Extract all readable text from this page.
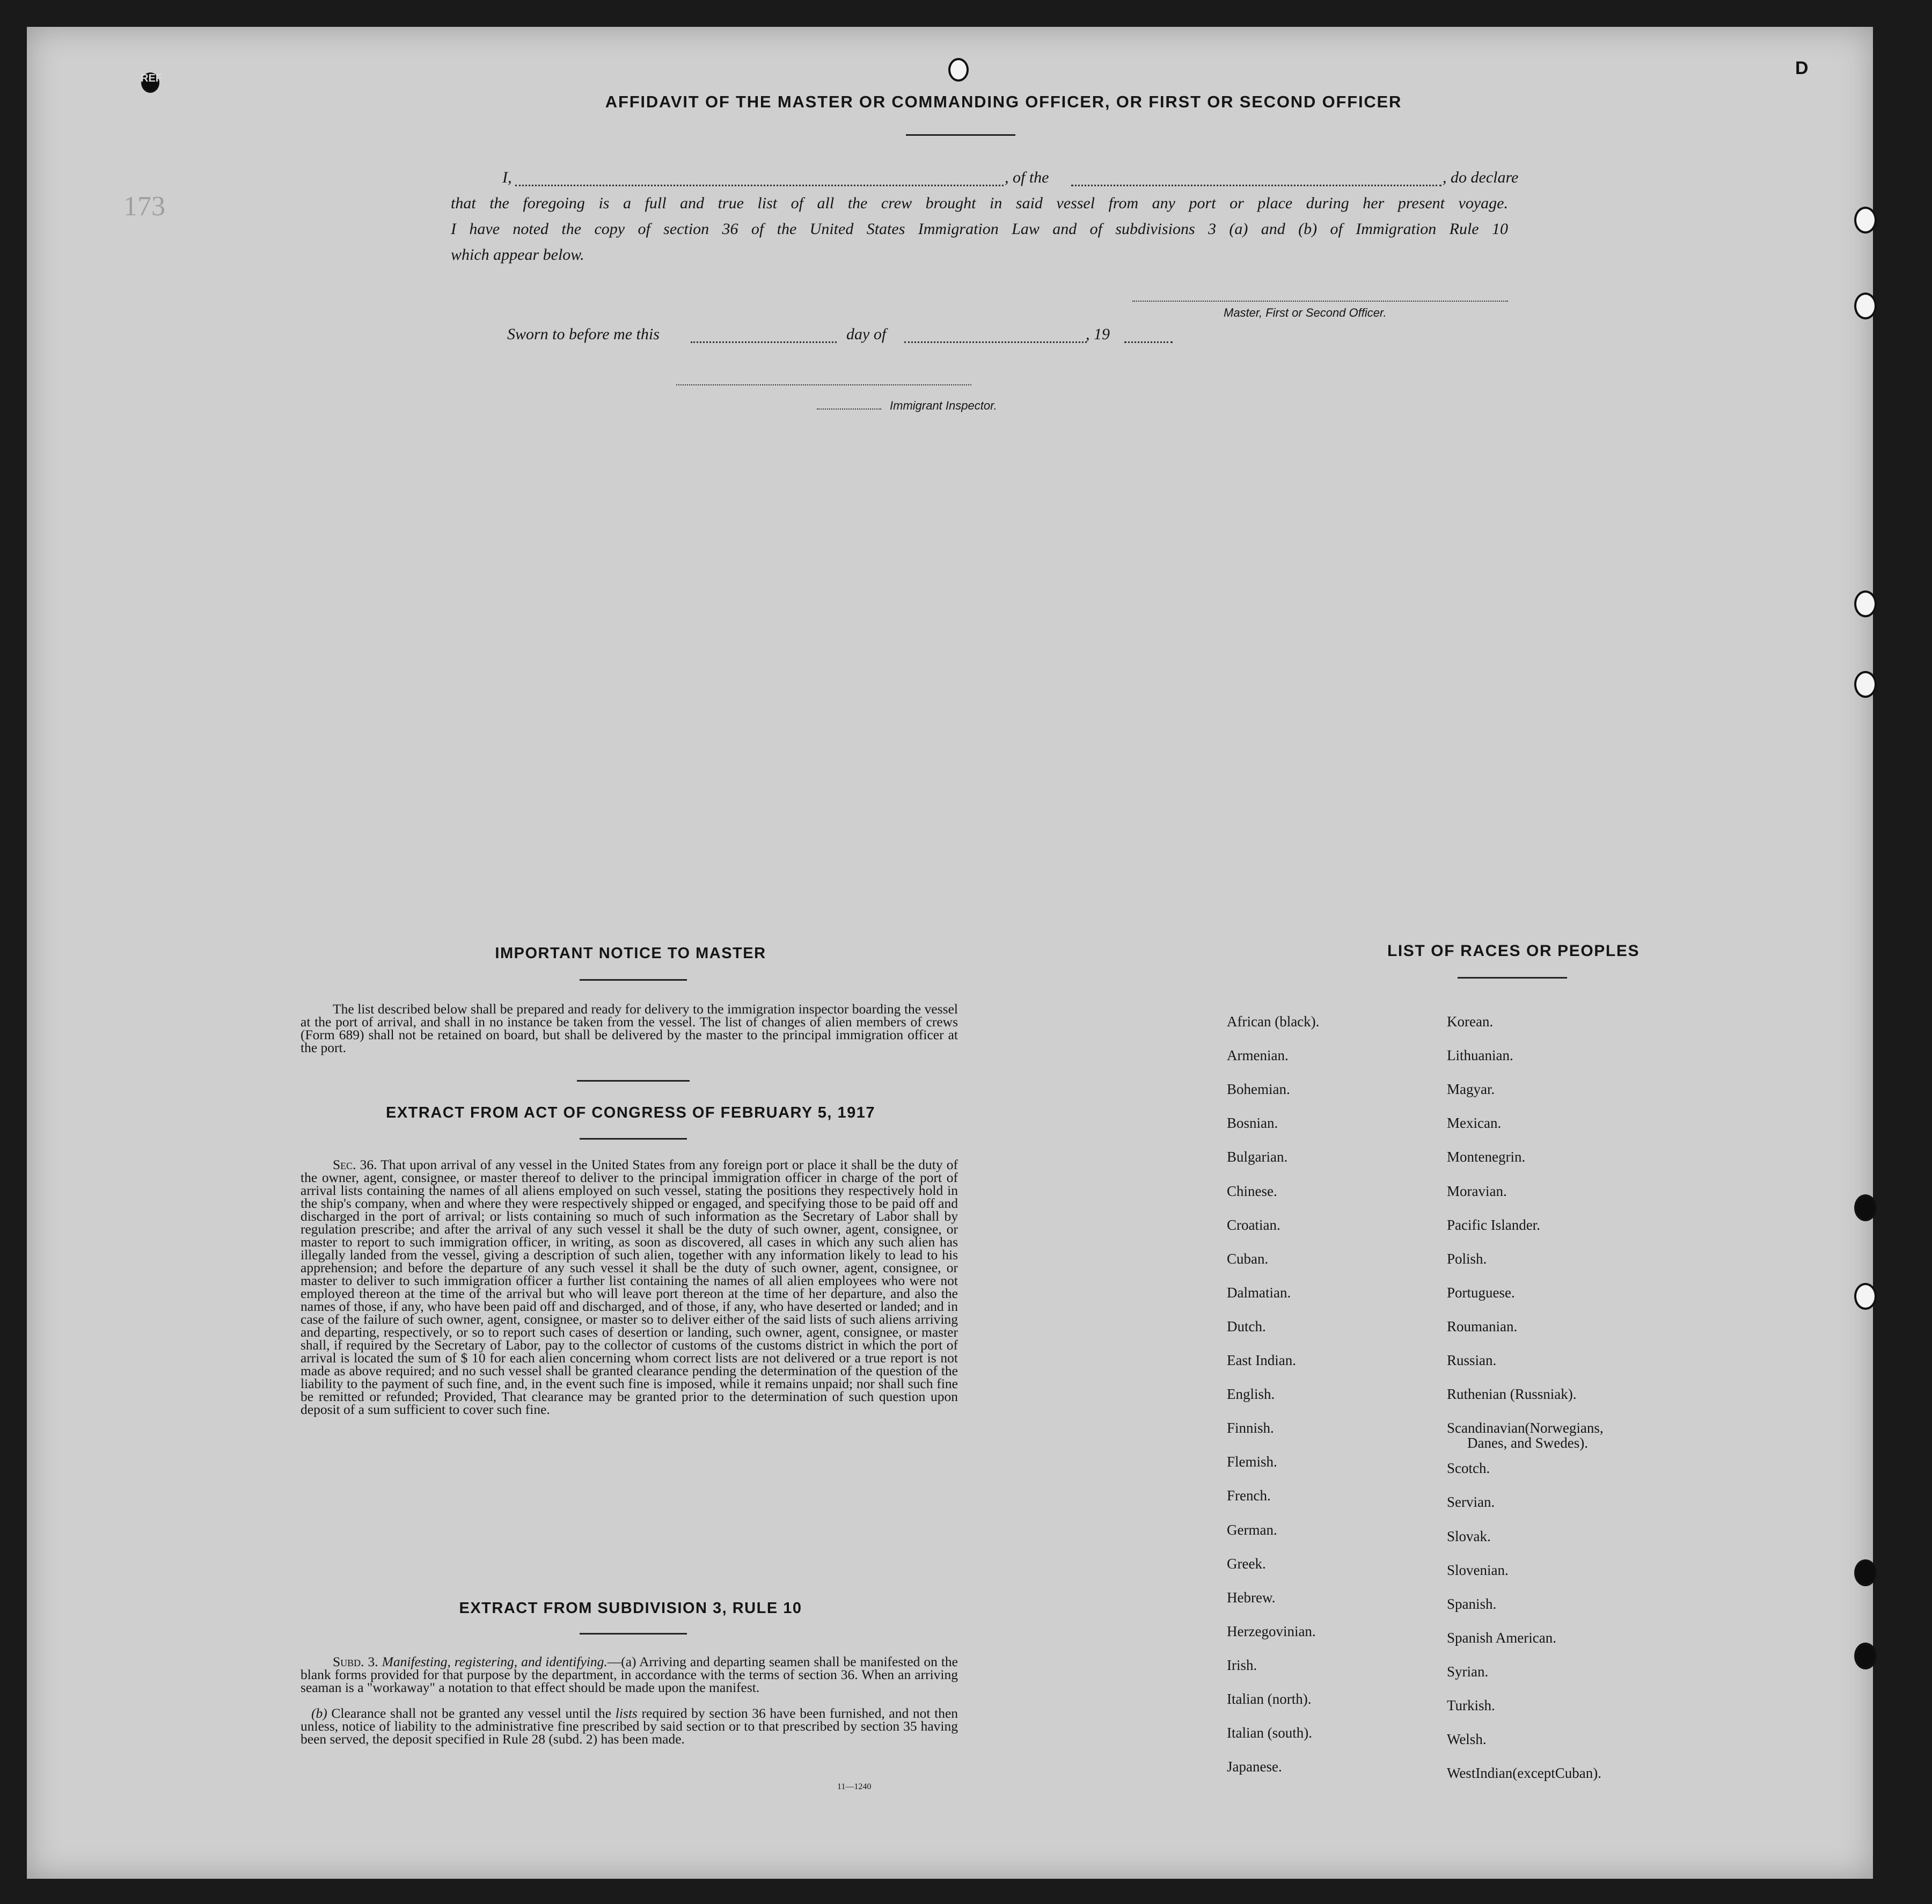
REF	D
173
AFFIDAVIT OF THE MASTER OR COMMANDING OFFICER, OR FIRST OR SECOND OFFICER
I,	, of the	, do declare
that the foregoing is a full and true list of all the crew brought in said vessel from any port or place during her present voyage.
I have noted the copy of section 36 of the United States Immigration Law and of subdivisions 3 (a) and (b) of Immigration Rule 10
which appear below.
Master, First or Second Officer.
Sworn to before me this	day of	, 19
Immigrant Inspector.
IMPORTANT NOTICE TO MASTER
The list described below shall be prepared and ready for delivery to the immigration inspector boarding the vessel at the port of arrival, and shall in no instance be taken from the vessel. The list of changes of alien members of crews (Form 689) shall not be retained on board, but shall be delivered by the master to the principal immigration officer at the port.
EXTRACT FROM ACT OF CONGRESS OF FEBRUARY 5, 1917
Sec. 36. That upon arrival of any vessel in the United States from any foreign port or place it shall be the duty of the owner, agent, consignee, or master thereof to deliver to the principal immigration officer in charge of the port of arrival lists containing the names of all aliens employed on such vessel, stating the positions they respectively hold in the ship's company, when and where they were respectively shipped or engaged, and specifying those to be paid off and discharged in the port of arrival; or lists containing so much of such information as the Secretary of Labor shall by regulation prescribe; and after the arrival of any such vessel it shall be the duty of such owner, agent, consignee, or master to report to such immigration officer, in writing, as soon as discovered, all cases in which any such alien has illegally landed from the vessel, giving a description of such alien, together with any information likely to lead to his apprehension; and before the departure of any such vessel it shall be the duty of such owner, agent, consignee, or master to deliver to such immigration officer a further list containing the names of all alien employees who were not employed thereon at the time of the arrival but who will leave port thereon at the time of her departure, and also the names of those, if any, who have been paid off and discharged, and of those, if any, who have deserted or landed; and in case of the failure of such owner, agent, consignee, or master so to deliver either of the said lists of such aliens arriving and departing, respectively, or so to report such cases of desertion or landing, such owner, agent, consignee, or master shall, if required by the Secretary of Labor, pay to the collector of customs of the customs district in which the port of arrival is located the sum of $ 10 for each alien concerning whom correct lists are not delivered or a true report is not made as above required; and no such vessel shall be granted clearance pending the determination of the question of the liability to the payment of such fine, and, in the event such fine is imposed, while it remains unpaid; nor shall such fine be remitted or refunded; Provided, That clearance may be granted prior to the determination of such question upon deposit of a sum sufficient to cover such fine.
EXTRACT FROM SUBDIVISION 3, RULE 10
Subd. 3. Manifesting, registering, and identifying.—(a) Arriving and departing seamen shall be manifested on the blank forms provided for that purpose by the department, in accordance with the terms of section 36. When an arriving seaman is a "workaway" a notation to that effect should be made upon the manifest.
(b) Clearance shall not be granted any vessel until the lists required by section 36 have been furnished, and not then unless, notice of liability to the administrative fine prescribed by said section or to that prescribed by section 35 having been served, the deposit specified in Rule 28 (subd. 2) has been made.
11—1240
LIST OF RACES OR PEOPLES
African (black).
Armenian.
Bohemian.
Bosnian.
Bulgarian.
Chinese.
Croatian.
Cuban.
Dalmatian.
Dutch.
East Indian.
English.
Finnish.
Flemish.
French.
German.
Greek.
Hebrew.
Herzegovinian.
Irish.
Italian (north).
Italian (south).
Japanese.
Korean.
Lithuanian.
Magyar.
Mexican.
Montenegrin.
Moravian.
Pacific Islander.
Polish.
Portuguese.
Roumanian.
Russian.
Ruthenian (Russniak).
Scandinavian(Norwegians,
Scotch.
Servian.
Slovak.
Slovenian.
Spanish.
Spanish American.
Syrian.
Turkish.
Welsh.
WestIndian(exceptCuban).
Danes, and Swedes).
